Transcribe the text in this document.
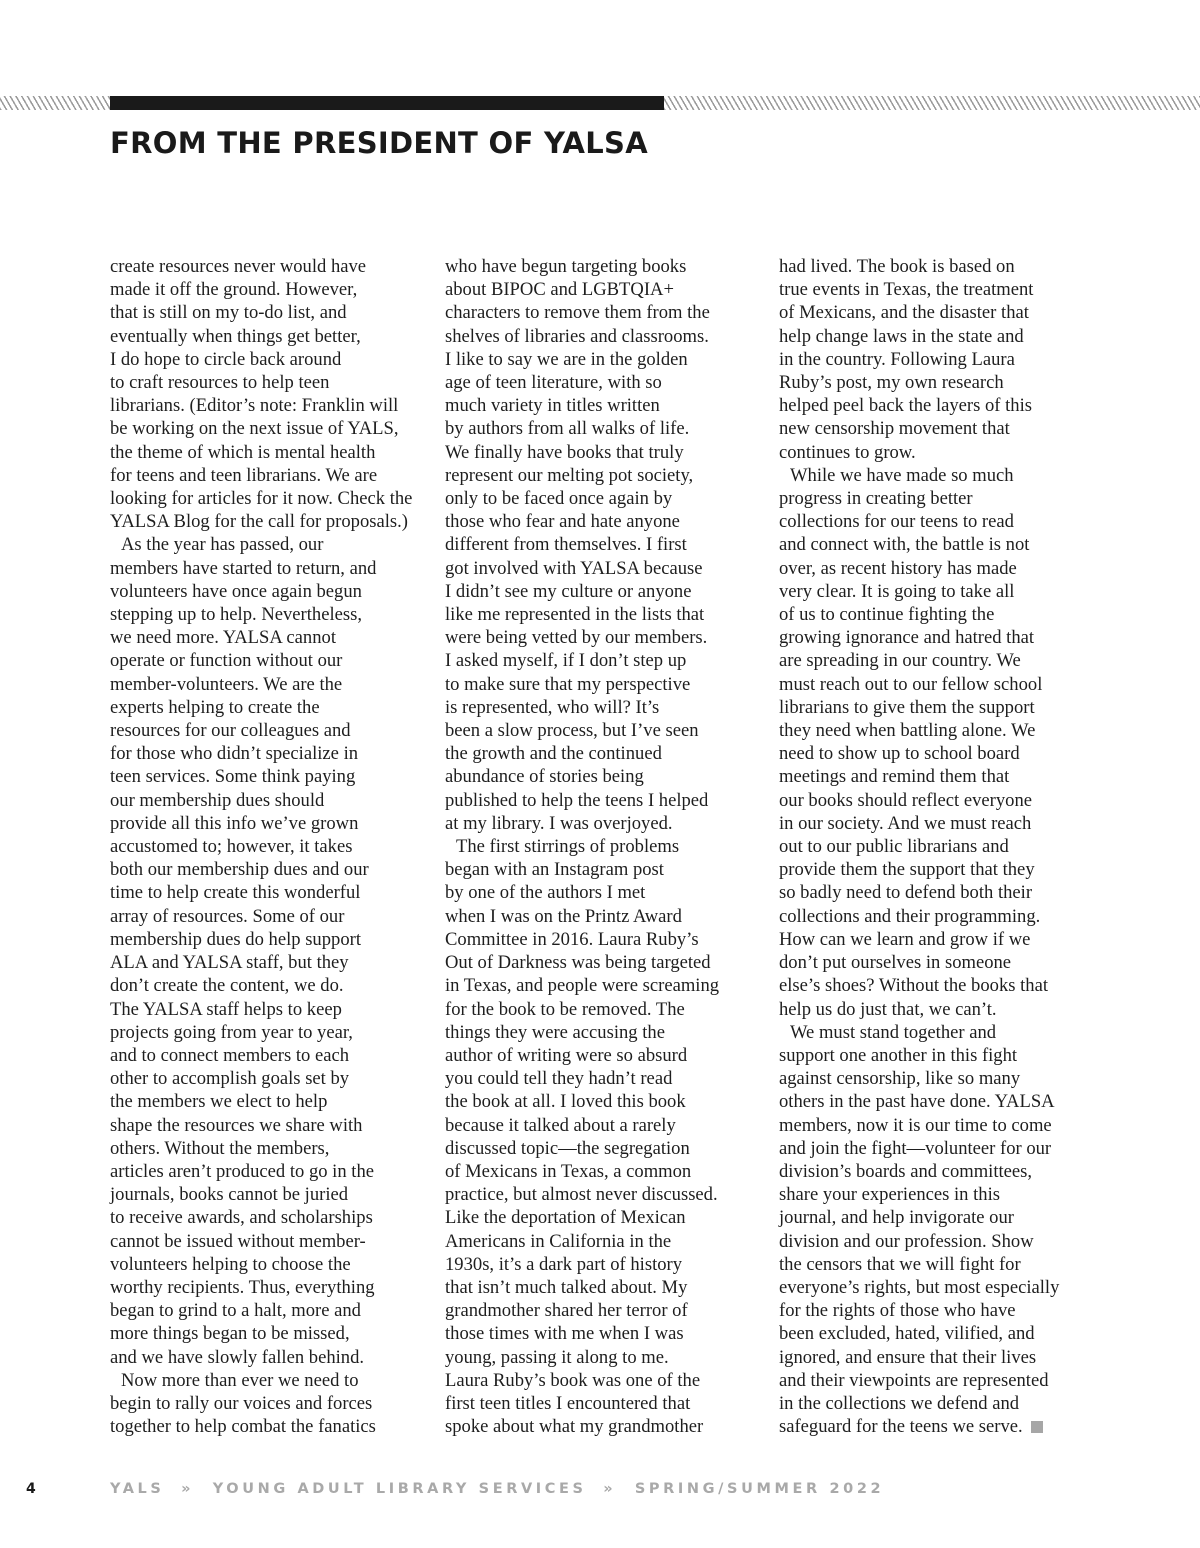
FROM THE PRESIDENT OF YALSA
create resources never would have
made it off the ground. However,
that is still on my to-do list, and
eventually when things get better,
I do hope to circle back around
to craft resources to help teen
librarians. (Editor’s note: Franklin will
be working on the next issue of YALS,
the theme of which is mental health
for teens and teen librarians. We are
looking for articles for it now. Check the
YALSA Blog for the call for proposals.)
As the year has passed, our
members have started to return, and
volunteers have once again begun
stepping up to help. Nevertheless,
we need more. YALSA cannot
operate or function without our
member-volunteers. We are the
experts helping to create the
resources for our colleagues and
for those who didn’t specialize in
teen services. Some think paying
our membership dues should
provide all this info we’ve grown
accustomed to; however, it takes
both our membership dues and our
time to help create this wonderful
array of resources. Some of our
membership dues do help support
ALA and YALSA staff, but they
don’t create the content, we do.
The YALSA staff helps to keep
projects going from year to year,
and to connect members to each
other to accomplish goals set by
the members we elect to help
shape the resources we share with
others. Without the members,
articles aren’t produced to go in the
journals, books cannot be juried
to receive awards, and scholarships
cannot be issued without member-
volunteers helping to choose the
worthy recipients. Thus, everything
began to grind to a halt, more and
more things began to be missed,
and we have slowly fallen behind.
Now more than ever we need to
begin to rally our voices and forces
together to help combat the fanatics
who have begun targeting books
about BIPOC and LGBTQIA+
characters to remove them from the
shelves of libraries and classrooms.
I like to say we are in the golden
age of teen literature, with so
much variety in titles written
by authors from all walks of life.
We finally have books that truly
represent our melting pot society,
only to be faced once again by
those who fear and hate anyone
different from themselves. I first
got involved with YALSA because
I didn’t see my culture or anyone
like me represented in the lists that
were being vetted by our members.
I asked myself, if I don’t step up
to make sure that my perspective
is represented, who will? It’s
been a slow process, but I’ve seen
the growth and the continued
abundance of stories being
published to help the teens I helped
at my library. I was overjoyed.
The first stirrings of problems
began with an Instagram post
by one of the authors I met
when I was on the Printz Award
Committee in 2016. Laura Ruby’s
Out of Darkness was being targeted
in Texas, and people were screaming
for the book to be removed. The
things they were accusing the
author of writing were so absurd
you could tell they hadn’t read
the book at all. I loved this book
because it talked about a rarely
discussed topic—the segregation
of Mexicans in Texas, a common
practice, but almost never discussed.
Like the deportation of Mexican
Americans in California in the
1930s, it’s a dark part of history
that isn’t much talked about. My
grandmother shared her terror of
those times with me when I was
young, passing it along to me.
Laura Ruby’s book was one of the
first teen titles I encountered that
spoke about what my grandmother
had lived. The book is based on
true events in Texas, the treatment
of Mexicans, and the disaster that
help change laws in the state and
in the country. Following Laura
Ruby’s post, my own research
helped peel back the layers of this
new censorship movement that
continues to grow.
While we have made so much
progress in creating better
collections for our teens to read
and connect with, the battle is not
over, as recent history has made
very clear. It is going to take all
of us to continue fighting the
growing ignorance and hatred that
are spreading in our country. We
must reach out to our fellow school
librarians to give them the support
they need when battling alone. We
need to show up to school board
meetings and remind them that
our books should reflect everyone
in our society. And we must reach
out to our public librarians and
provide them the support that they
so badly need to defend both their
collections and their programming.
How can we learn and grow if we
don’t put ourselves in someone
else’s shoes? Without the books that
help us do just that, we can’t.
We must stand together and
support one another in this fight
against censorship, like so many
others in the past have done. YALSA
members, now it is our time to come
and join the fight—volunteer for our
division’s boards and committees,
share your experiences in this
journal, and help invigorate our
division and our profession. Show
the censors that we will fight for
everyone’s rights, but most especially
for the rights of those who have
been excluded, hated, vilified, and
ignored, and ensure that their lives
and their viewpoints are represented
in the collections we defend and
safeguard for the teens we serve.
4	YALS » YOUNG ADULT LIBRARY SERVICES » SPRING/SUMMER 2022
